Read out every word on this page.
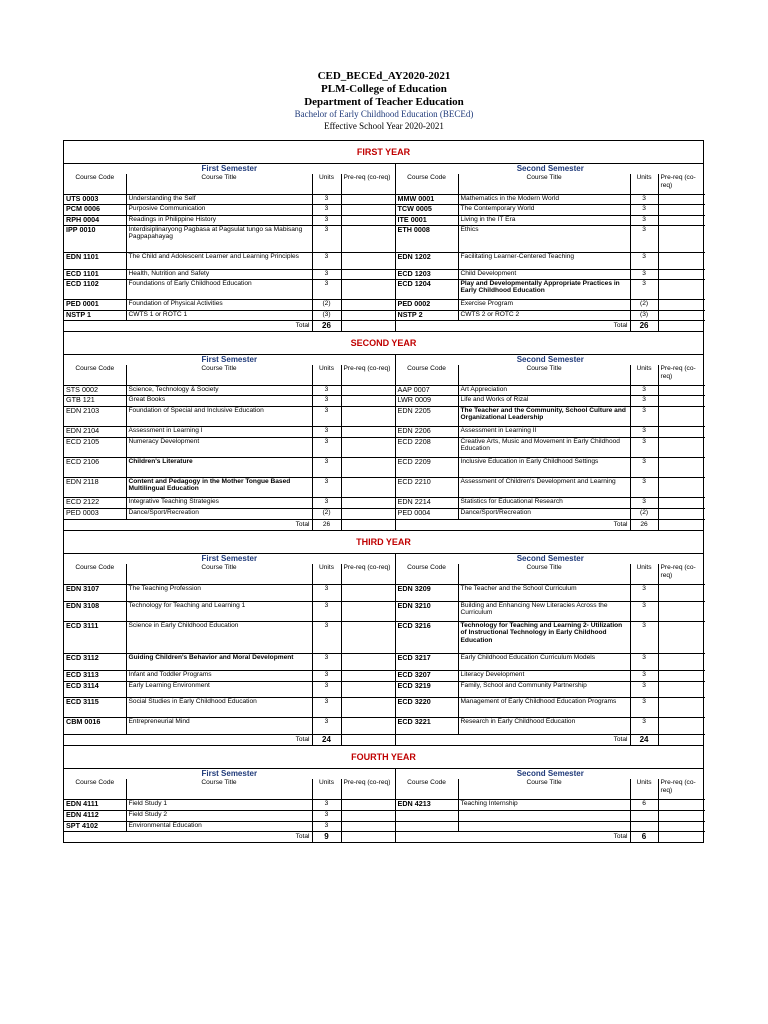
CED_BECEd_AY2020-2021
PLM-College of Education
Department of Teacher Education
Bachelor of Early Childhood Education (BECEd)
Effective School Year 2020-2021
FIRST YEAR
First Semester				Second Semester			
Course Code	Course Title	Units	Pre-req (co-req)	Course Code	Course Title	Units	Pre-req (co-req)
UTS 0003	Understanding the Self	3		MMW 0001	Mathematics in the Modern World	3	
PCM 0006	Purposive Communication	3		TCW 0005	The Contemporary World	3	
RPH 0004	Readings in Philippine History	3		ITE 0001	Living in the IT Era	3	
IPP 0010	Interdisiplinaryong Pagbasa at Pagsulat tungo sa Mabisang Pagpapahayag	3		ETH 0008	Ethics	3	
EDN 1101	The Child and Adolescent Learner and Learning Principles	3		EDN 1202	Facilitating Learner-Centered Teaching	3	
ECD 1101	Health, Nutrition and Safety	3		ECD 1203	Child Development	3	
ECD 1102	Foundations of Early Childhood Education	3		ECD 1204	Play and Developmentally Appropriate Practices in Early Childhood Education	3	
PED 0001	Foundation of Physical Activities	(2)		PED 0002	Exercise Program	(2)	
NSTP 1	CWTS 1 or ROTC 1	(3)		NSTP 2	CWTS 2 or ROTC 2	(3)	
Total		26		Total		26	
SECOND YEAR
First Semester				Second Semester			
Course Code	Course Title	Units	Pre-req (co-req)	Course Code	Course Title	Units	Pre-req (co-req)
STS 0002	Science, Technology & Society	3		AAP 0007	Art Appreciation	3	
GTB 121	Great Books	3		LWR 0009	Life and Works of Rizal	3	
EDN 2103	Foundation of Special and Inclusive Education	3		EDN 2205	The Teacher and the Community, School Culture and Organizational Leadership	3	
EDN 2104	Assessment in Learning I	3		EDN 2206	Assessment in Learning II	3	
ECD 2105	Numeracy Development	3		ECD 2208	Creative Arts, Music and Movement in Early Childhood Education	3	
ECD 2106	Children's Literature	3		ECD 2209	Inclusive Education in Early Childhood Settings	3	
EDN 2118	Content and Pedagogy in the Mother Tongue Based Multilingual Education	3		ECD 2210	Assessment of Children's Development and Learning	3	
ECD 2122	Integrative Teaching Strategies	3		EDN 2214	Statistics for Educational Research	3	
PED 0003	Dance/Sport/Recreation	(2)		PED 0004	Dance/Sport/Recreation	(2)	
Total		26		Total		26	
THIRD YEAR
First Semester				Second Semester			
Course Code	Course Title	Units	Pre-req (co-req)	Course Code	Course Title	Units	Pre-req (co-req)
EDN 3107	The Teaching Profession	3		EDN 3209	The Teacher and the School Curriculum	3	
EDN 3108	Technology for Teaching and Learning 1	3		EDN 3210	Building and Enhancing New Literacies Across the Curriculum	3	
ECD 3111	Science in Early Childhood Education	3		ECD 3216	Technology for Teaching and Learning 2- Utilization of Instructional Technology in Early Childhood Education	3	
ECD 3112	Guiding Children's Behavior and Moral Development	3		ECD 3217	Early Childhood Education Curriculum Models	3	
ECD 3113	Infant and Toddler Programs	3		ECD 3207	Literacy Development	3	
ECD 3114	Early Learning Environment	3		ECD 3219	Family, School and Community Partnership	3	
ECD 3115	Social Studies in Early Childhood Education	3		ECD 3220	Management of Early Childhood Education Programs	3	
CBM 0016	Entrepreneurial Mind	3		ECD 3221	Research in Early Childhood Education	3	
Total		24		Total		24	
FOURTH YEAR
First Semester				Second Semester			
Course Code	Course Title	Units	Pre-req (co-req)	Course Code	Course Title	Units	Pre-req (co-req)
EDN 4111	Field Study 1	3		EDN 4213	Teaching Internship	6	
EDN 4112	Field Study 2	3					
SPT 4102	Environmental Education	3					
Total		9		Total		6	
